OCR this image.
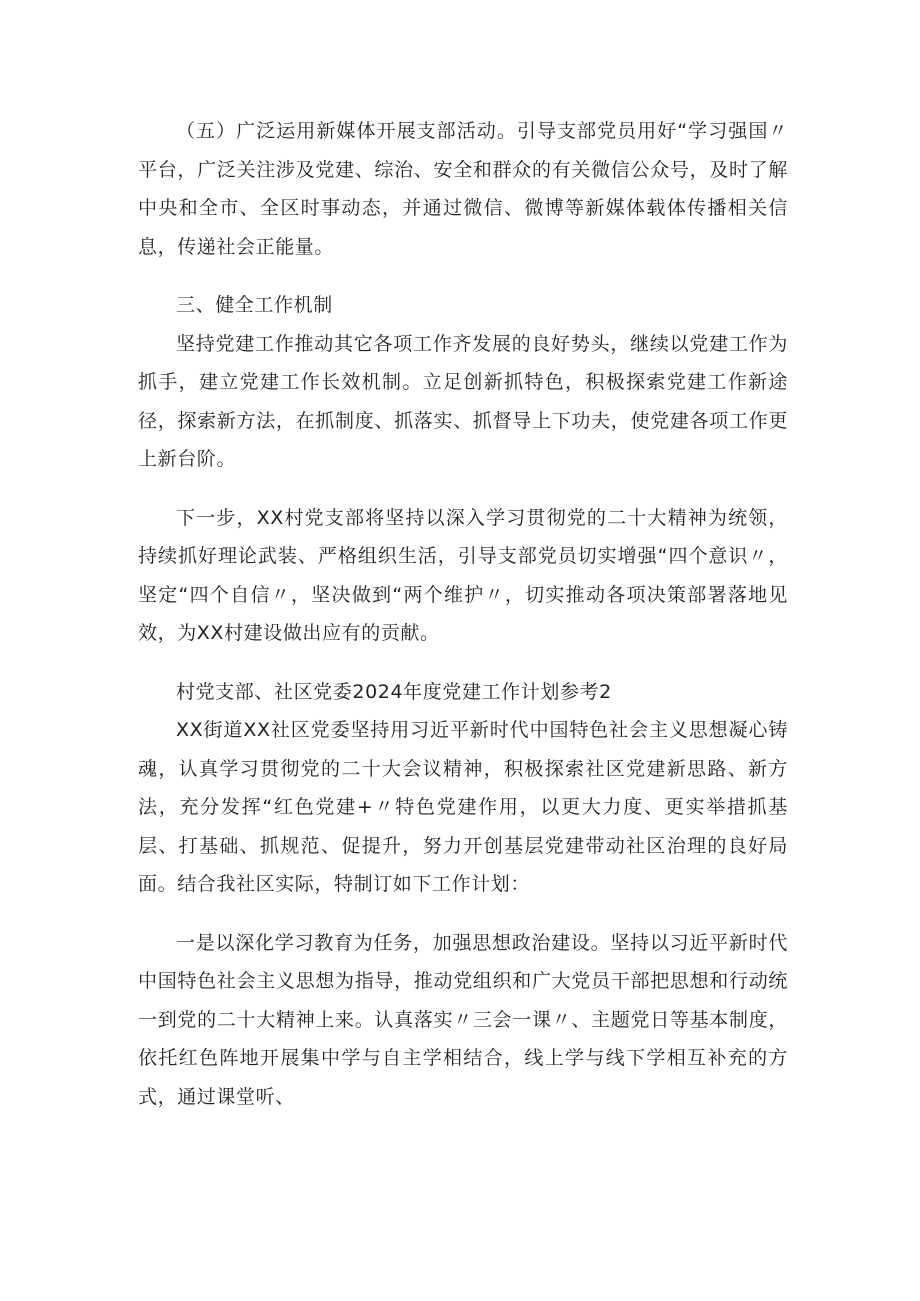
（五）广泛运用新媒体开展支部活动。引导支部党员用好“学习强国〃平台，广泛关注涉及党建、综治、安全和群众的有关微信公众号，及时了解中央和全市、全区时事动态，并通过微信、微博等新媒体载体传播相关信息，传递社会正能量。

三、健全工作机制

坚持党建工作推动其它各项工作齐发展的良好势头，继续以党建工作为抓手，建立党建工作长效机制。立足创新抓特色，积极探索党建工作新途径，探索新方法，在抓制度、抓落实、抓督导上下功夫，使党建各项工作更上新台阶。

下一步，XX村党支部将坚持以深入学习贯彻党的二十大精神为统领，持续抓好理论武装、严格组织生活，引导支部党员切实增强“四个意识〃，坚定“四个自信〃，坚决做到“两个维护〃，切实推动各项决策部署落地见效，为XX村建设做出应有的贡献。

村党支部、社区党委2024年度党建工作计划参考2

XX街道XX社区党委坚持用习近平新时代中国特色社会主义思想凝心铸魂，认真学习贯彻党的二十大会议精神，积极探索社区党建新思路、新方法，充分发挥“红色党建+〃特色党建作用，以更大力度、更实举措抓基层、打基础、抓规范、促提升，努力开创基层党建带动社区治理的良好局面。结合我社区实际，特制订如下工作计划：

一是以深化学习教育为任务，加强思想政治建设。坚持以习近平新时代中国特色社会主义思想为指导，推动党组织和广大党员干部把思想和行动统一到党的二十大精神上来。认真落实〃三会一课〃、主题党日等基本制度，依托红色阵地开展集中学与自主学相结合，线上学与线下学相互补充的方式，通过课堂听、
